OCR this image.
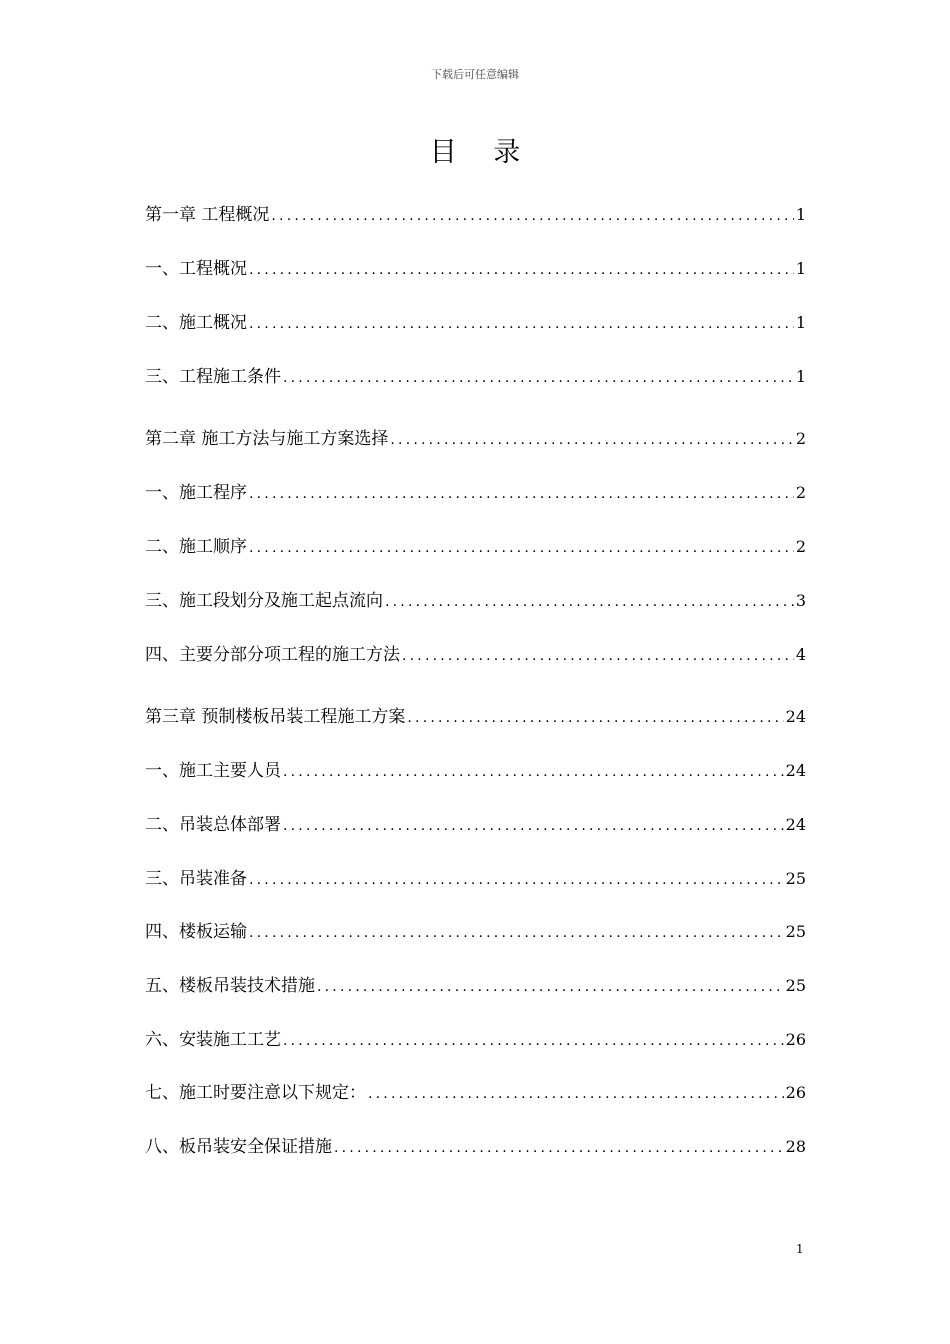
下载后可任意编辑
目 录
第一章 工程概况 .....	1
一、工程概况 .....	1
二、施工概况 .....	1
三、工程施工条件 .....	1
第二章 施工方法与施工方案选择 .....	2
一、施工程序 .....	2
二、施工顺序 .....	2
三、施工段划分及施工起点流向 .....	3
四、主要分部分项工程的施工方法 .....	4
第三章 预制楼板吊装工程施工方案 .....	24
一、施工主要人员 .....	24
二、吊装总体部署 .....	24
三、吊装准备 .....	25
四、楼板运输 .....	25
五、楼板吊装技术措施 .....	25
六、安装施工工艺 .....	26
七、施工时要注意以下规定： .....	26
八、板吊装安全保证措施 .....	28
1
